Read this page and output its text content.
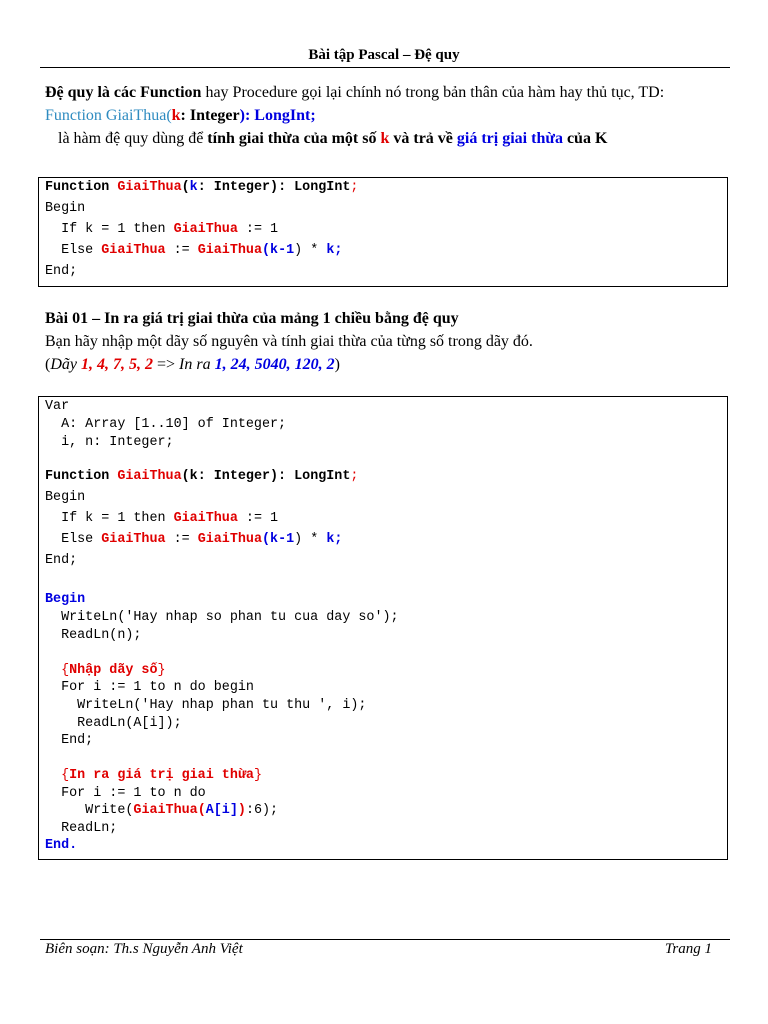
Bài tập Pascal – Đệ quy
Đệ quy là các Function hay Procedure gọi lại chính nó trong bản thân của hàm hay thủ tục, TD:
Function GiaiThua(k: Integer): LongInt;
là hàm đệ quy dùng để tính giai thừa của một số k và trả về giá trị giai thừa của K
Function GiaiThua(k: Integer): LongInt;
Begin
If k = 1 then GiaiThua := 1
Else GiaiThua := GiaiThua(k-1) * k;
End;
Bài 01 – In ra giá trị giai thừa của mảng 1 chiều bằng đệ quy
Bạn hãy nhập một dãy số nguyên và tính giai thừa của từng số trong dãy đó.
(Dãy 1, 4, 7, 5, 2 => In ra 1, 24, 5040, 120, 2)
Var
A: Array [1..10] of Integer;
i, n: Integer;
Function GiaiThua(k: Integer): LongInt;
Begin
If k = 1 then GiaiThua := 1
Else GiaiThua := GiaiThua(k-1) * k;
End;
Begin
WriteLn('Hay nhap so phan tu cua day so');
ReadLn(n);
{Nhập dãy số}
For i := 1 to n do begin
WriteLn('Hay nhap phan tu thu ', i);
ReadLn(A[i]);
End;
{In ra giá trị giai thừa}
For i := 1 to n do
Write(GiaiThua(A[i]):6);
ReadLn;
End.
Biên soạn: Th.s Nguyễn Anh Việt	Trang 1
